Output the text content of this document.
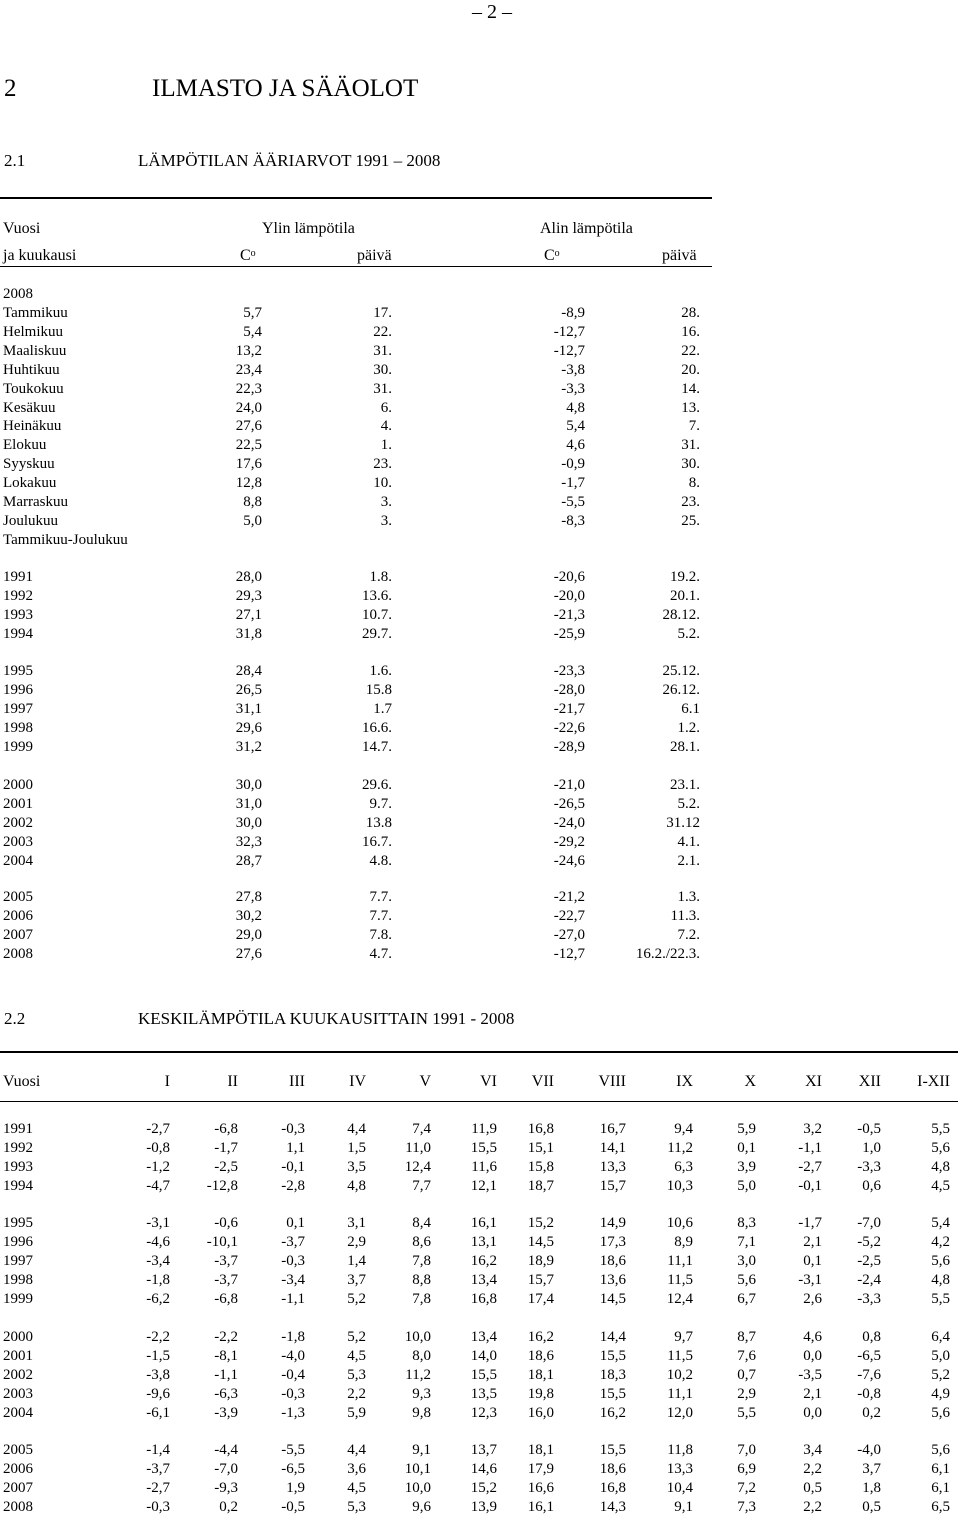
– 2 –
2	ILMASTO JA SÄÄOLOT
2.1	LÄMPÖTILAN ÄÄRIARVOT 1991 – 2008
Vuosi	Ylin lämpötila	Alin lämpötila
ja kuukausi	$C^o$	päivä	$C^o$	päivä
2008
Tammikuu	5,7	17.	-8,9	28.
Helmikuu	5,4	22.	-12,7	16.
Maaliskuu	13,2	31.	-12,7	22.
Huhtikuu	23,4	30.	-3,8	20.
Toukokuu	22,3	31.	-3,3	14.
Kesäkuu	24,0	6.	4,8	13.
Heinäkuu	27,6	4.	5,4	7.
Elokuu	22,5	1.	4,6	31.
Syyskuu	17,6	23.	-0,9	30.
Lokakuu	12,8	10.	-1,7	8.
Marraskuu	8,8	3.	-5,5	23.
Joulukuu	5,0	3.	-8,3	25.
Tammikuu-Joulukuu
1991	28,0	1.8.	-20,6	19.2.
1992	29,3	13.6.	-20,0	20.1.
1993	27,1	10.7.	-21,3	28.12.
1994	31,8	29.7.	-25,9	5.2.
1995	28,4	1.6.	-23,3	25.12.
1996	26,5	15.8	-28,0	26.12.
1997	31,1	1.7	-21,7	6.1
1998	29,6	16.6.	-22,6	1.2.
1999	31,2	14.7.	-28,9	28.1.
2000	30,0	29.6.	-21,0	23.1.
2001	31,0	9.7.	-26,5	5.2.
2002	30,0	13.8	-24,0	31.12
2003	32,3	16.7.	-29,2	4.1.
2004	28,7	4.8.	-24,6	2.1.
2005	27,8	7.7.	-21,2	1.3.
2006	30,2	7.7.	-22,7	11.3.
2007	29,0	7.8.	-27,0	7.2.
2008	27,6	4.7.	-12,7	16.2./22.3.
2.2	KESKILÄMPÖTILA KUUKAUSITTAIN 1991 - 2008
Vuosi	I	II	III	IV	V	VI VII	VIII	IX	X	XI XII I-XII
1991	-2,7	-6,8	-0,3	4,4	7,4	11,9 16,8	16,7	9,4	5,9	3,2 -0,5	5,5
1992	-0,8	-1,7	1,1	1,5	11,0	15,5 15,1	14,1	11,2	0,1	-1,1	1,0	5,6
1993	-1,2	-2,5	-0,1	3,5	12,4	11,6 15,8	13,3	6,3	3,9	-2,7 -3,3	4,8
1994	-4,7 -12,8	-2,8	4,8	7,7	12,1 18,7	15,7	10,3	5,0	-0,1	0,6	4,5
1995	-3,1	-0,6	0,1	3,1	8,4	16,1 15,2	14,9	10,6	8,3	-1,7 -7,0	5,4
1996	-4,6 -10,1	-3,7	2,9	8,6	13,1 14,5	17,3	8,9	7,1	2,1 -5,2	4,2
1997	-3,4	-3,7	-0,3	1,4	7,8	16,2 18,9	18,6	11,1	3,0	0,1 -2,5	5,6
1998	-1,8	-3,7	-3,4	3,7	8,8	13,4 15,7	13,6	11,5	5,6	-3,1 -2,4	4,8
1999	-6,2	-6,8	-1,1	5,2	7,8	16,8 17,4	14,5	12,4	6,7	2,6 -3,3	5,5
2000	-2,2	-2,2	-1,8	5,2	10,0	13,4 16,2	14,4	9,7	8,7	4,6	0,8	6,4
2001	-1,5	-8,1	-4,0	4,5	8,0	14,0 18,6	15,5	11,5	7,6	0,0 -6,5	5,0
2002	-3,8	-1,1	-0,4	5,3	11,2	15,5 18,1	18,3	10,2	0,7	-3,5 -7,6	5,2
2003	-9,6	-6,3	-0,3	2,2	9,3	13,5 19,8	15,5	11,1	2,9	2,1 -0,8	4,9
2004	-6,1	-3,9	-1,3	5,9	9,8	12,3 16,0	16,2	12,0	5,5	0,0	0,2	5,6
2005	-1,4	-4,4	-5,5	4,4	9,1	13,7 18,1	15,5	11,8	7,0	3,4 -4,0	5,6
2006	-3,7	-7,0	-6,5	3,6	10,1	14,6 17,9	18,6	13,3	6,9	2,2	3,7	6,1
2007	-2,7	-9,3	1,9	4,5	10,0	15,2 16,6	16,8	10,4	7,2	0,5	1,8	6,1
2008	-0,3	0,2	-0,5	5,3	9,6	13,9 16,1	14,3	9,1	7,3	2,2	0,5	6,5
